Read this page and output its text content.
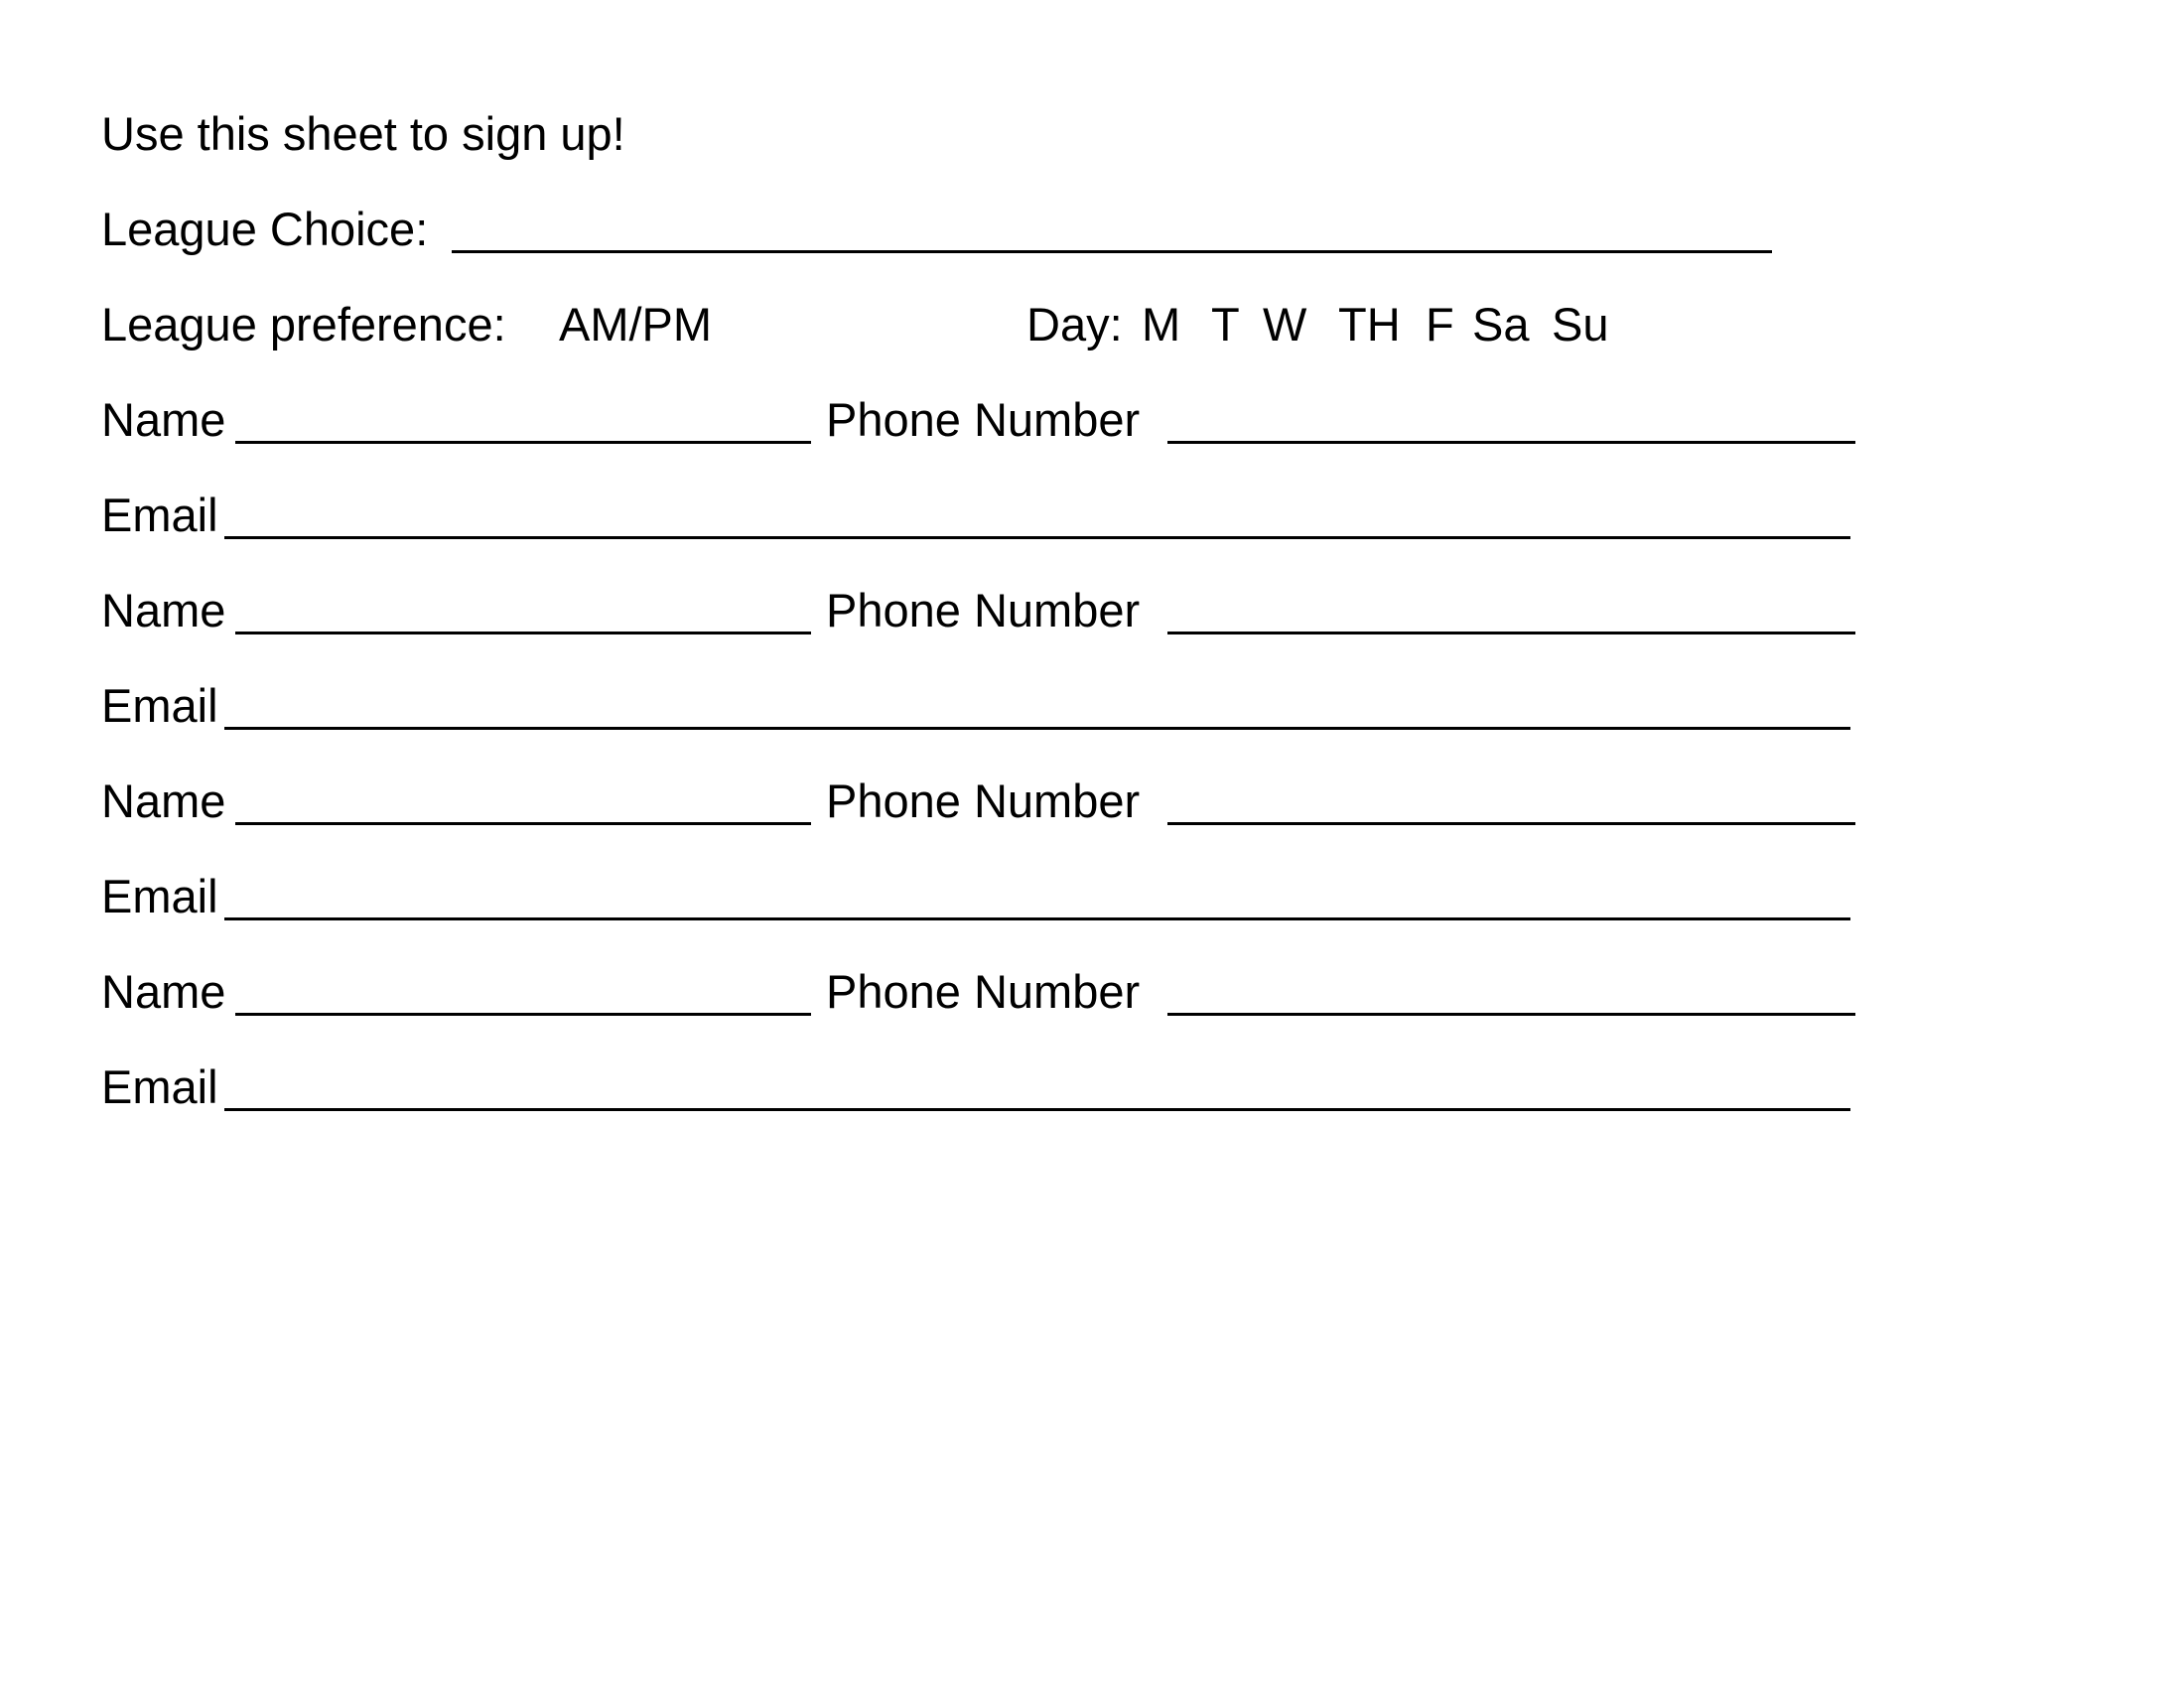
Use this sheet to sign up!
League Choice:
League preference: AM/PM	Day: M T W TH F Sa Su
Name	Phone Number
Email
Name	Phone Number
Email
Name	Phone Number
Email
Name	Phone Number
Email
